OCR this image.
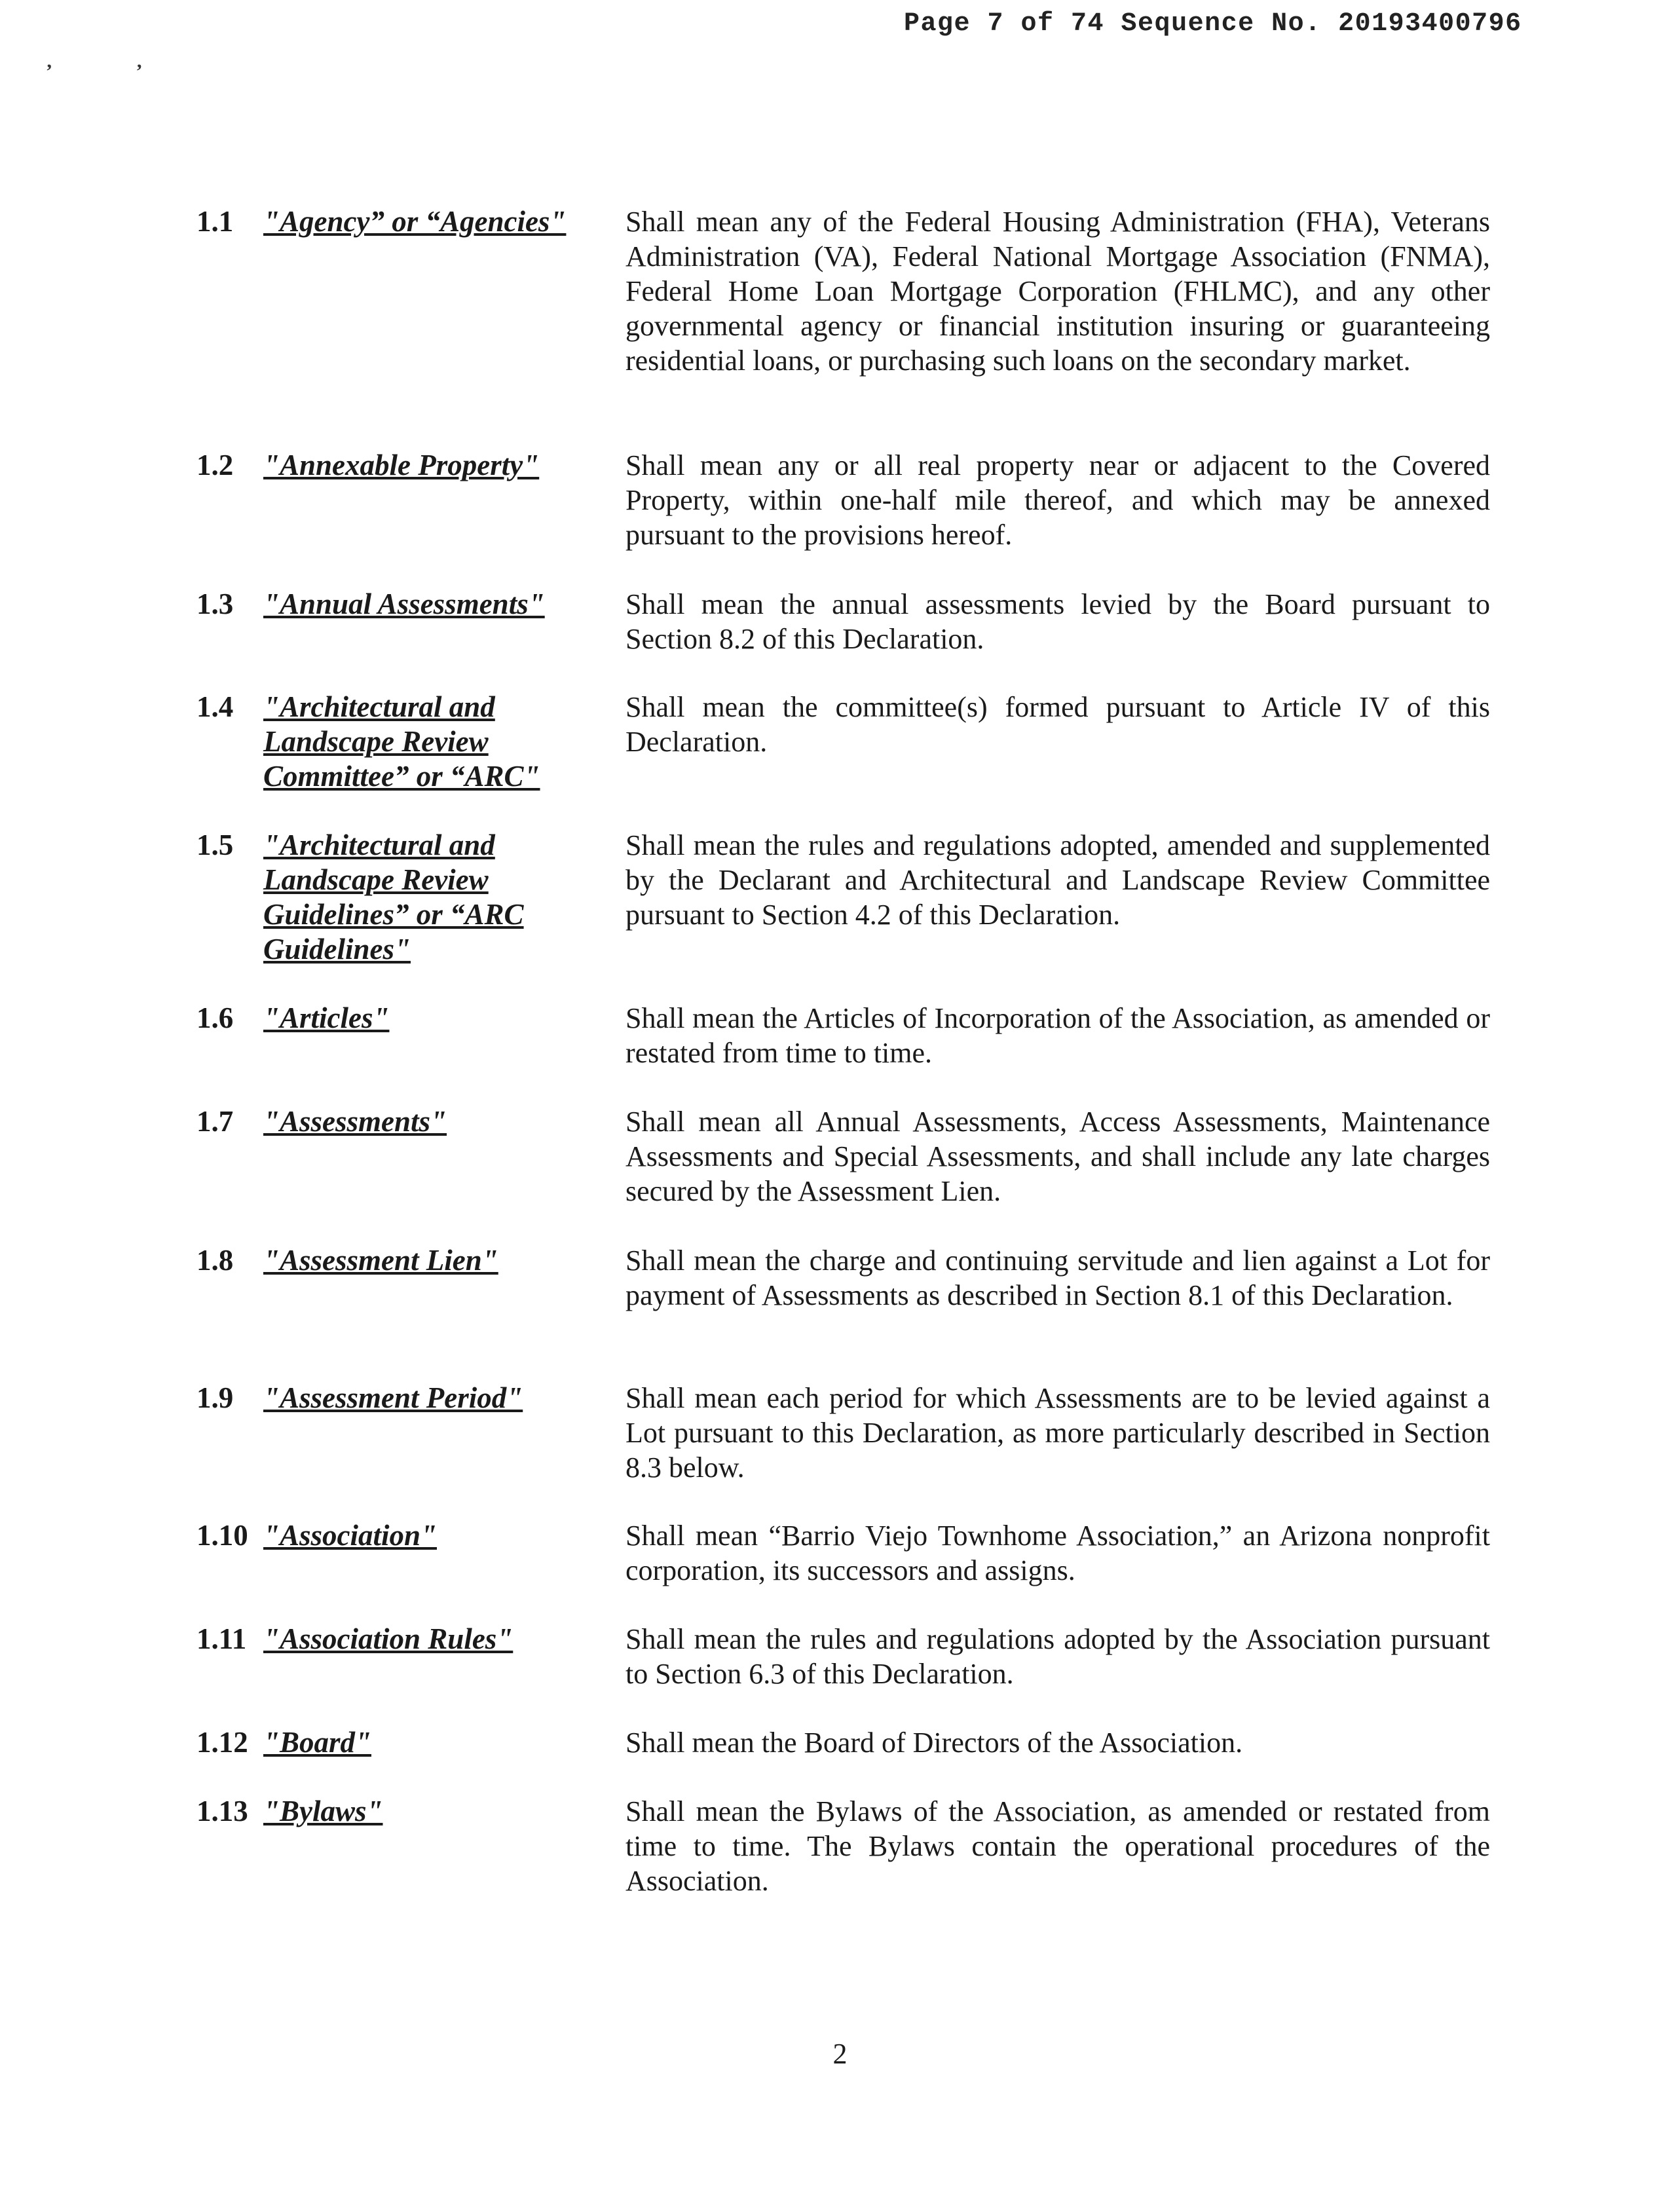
Page 7 of 74 Sequence No. 20193400796
’	’
1.1 "Agency” or “Agencies" Shall mean any of the Federal Housing Administration (FHA), Veterans Administration (VA), Federal National Mortgage Association (FNMA), Federal Home Loan Mortgage Corporation (FHLMC), and any other governmental agency or financial institution insuring or guaranteeing residential loans, or purchasing such loans on the secondary market.
1.2 "Annexable Property"	Shall mean any or all real property near or adjacent to the Covered Property, within one-half mile thereof, and which may be annexed pursuant to the provisions hereof.
1.3 "Annual Assessments"	Shall mean the annual assessments levied by the Board pursuant to Section 8.2 of this Declaration.
1.4 "Architectural and Landscape Review Committee” or “ARC"
Shall mean the committee(s) formed pursuant to Article IV of this Declaration.
1.5 "Architectural and Landscape Review Guidelines” or “ARC Guidelines"
Shall mean the rules and regulations adopted, amended and supplemented by the Declarant and Architectural and Landscape Review Committee pursuant to Section 4.2 of this Declaration.
1.6 "Articles"	Shall mean the Articles of Incorporation of the Association, as amended or restated from time to time.
1.7 "Assessments"	Shall mean all Annual Assessments, Access Assessments, Maintenance Assessments and Special Assessments, and shall include any late charges secured by the Assessment Lien.
1.8 "Assessment Lien"	Shall mean the charge and continuing servitude and lien against a Lot for payment of Assessments as described in Section 8.1 of this Declaration.
1.9 "Assessment Period"	Shall mean each period for which Assessments are to be levied against a Lot pursuant to this Declaration, as more particularly described in Section 8.3 below.
1.10 "Association"	Shall mean “Barrio Viejo Townhome Association,” an Arizona nonprofit corporation, its successors and assigns.
1.11 "Association Rules"	Shall mean the rules and regulations adopted by the Association pursuant to Section 6.3 of this Declaration.
1.12 "Board"	Shall mean the Board of Directors of the Association.
1.13 "Bylaws"	Shall mean the Bylaws of the Association, as amended or restated from time to time. The Bylaws contain the operational procedures of the Association.
2
